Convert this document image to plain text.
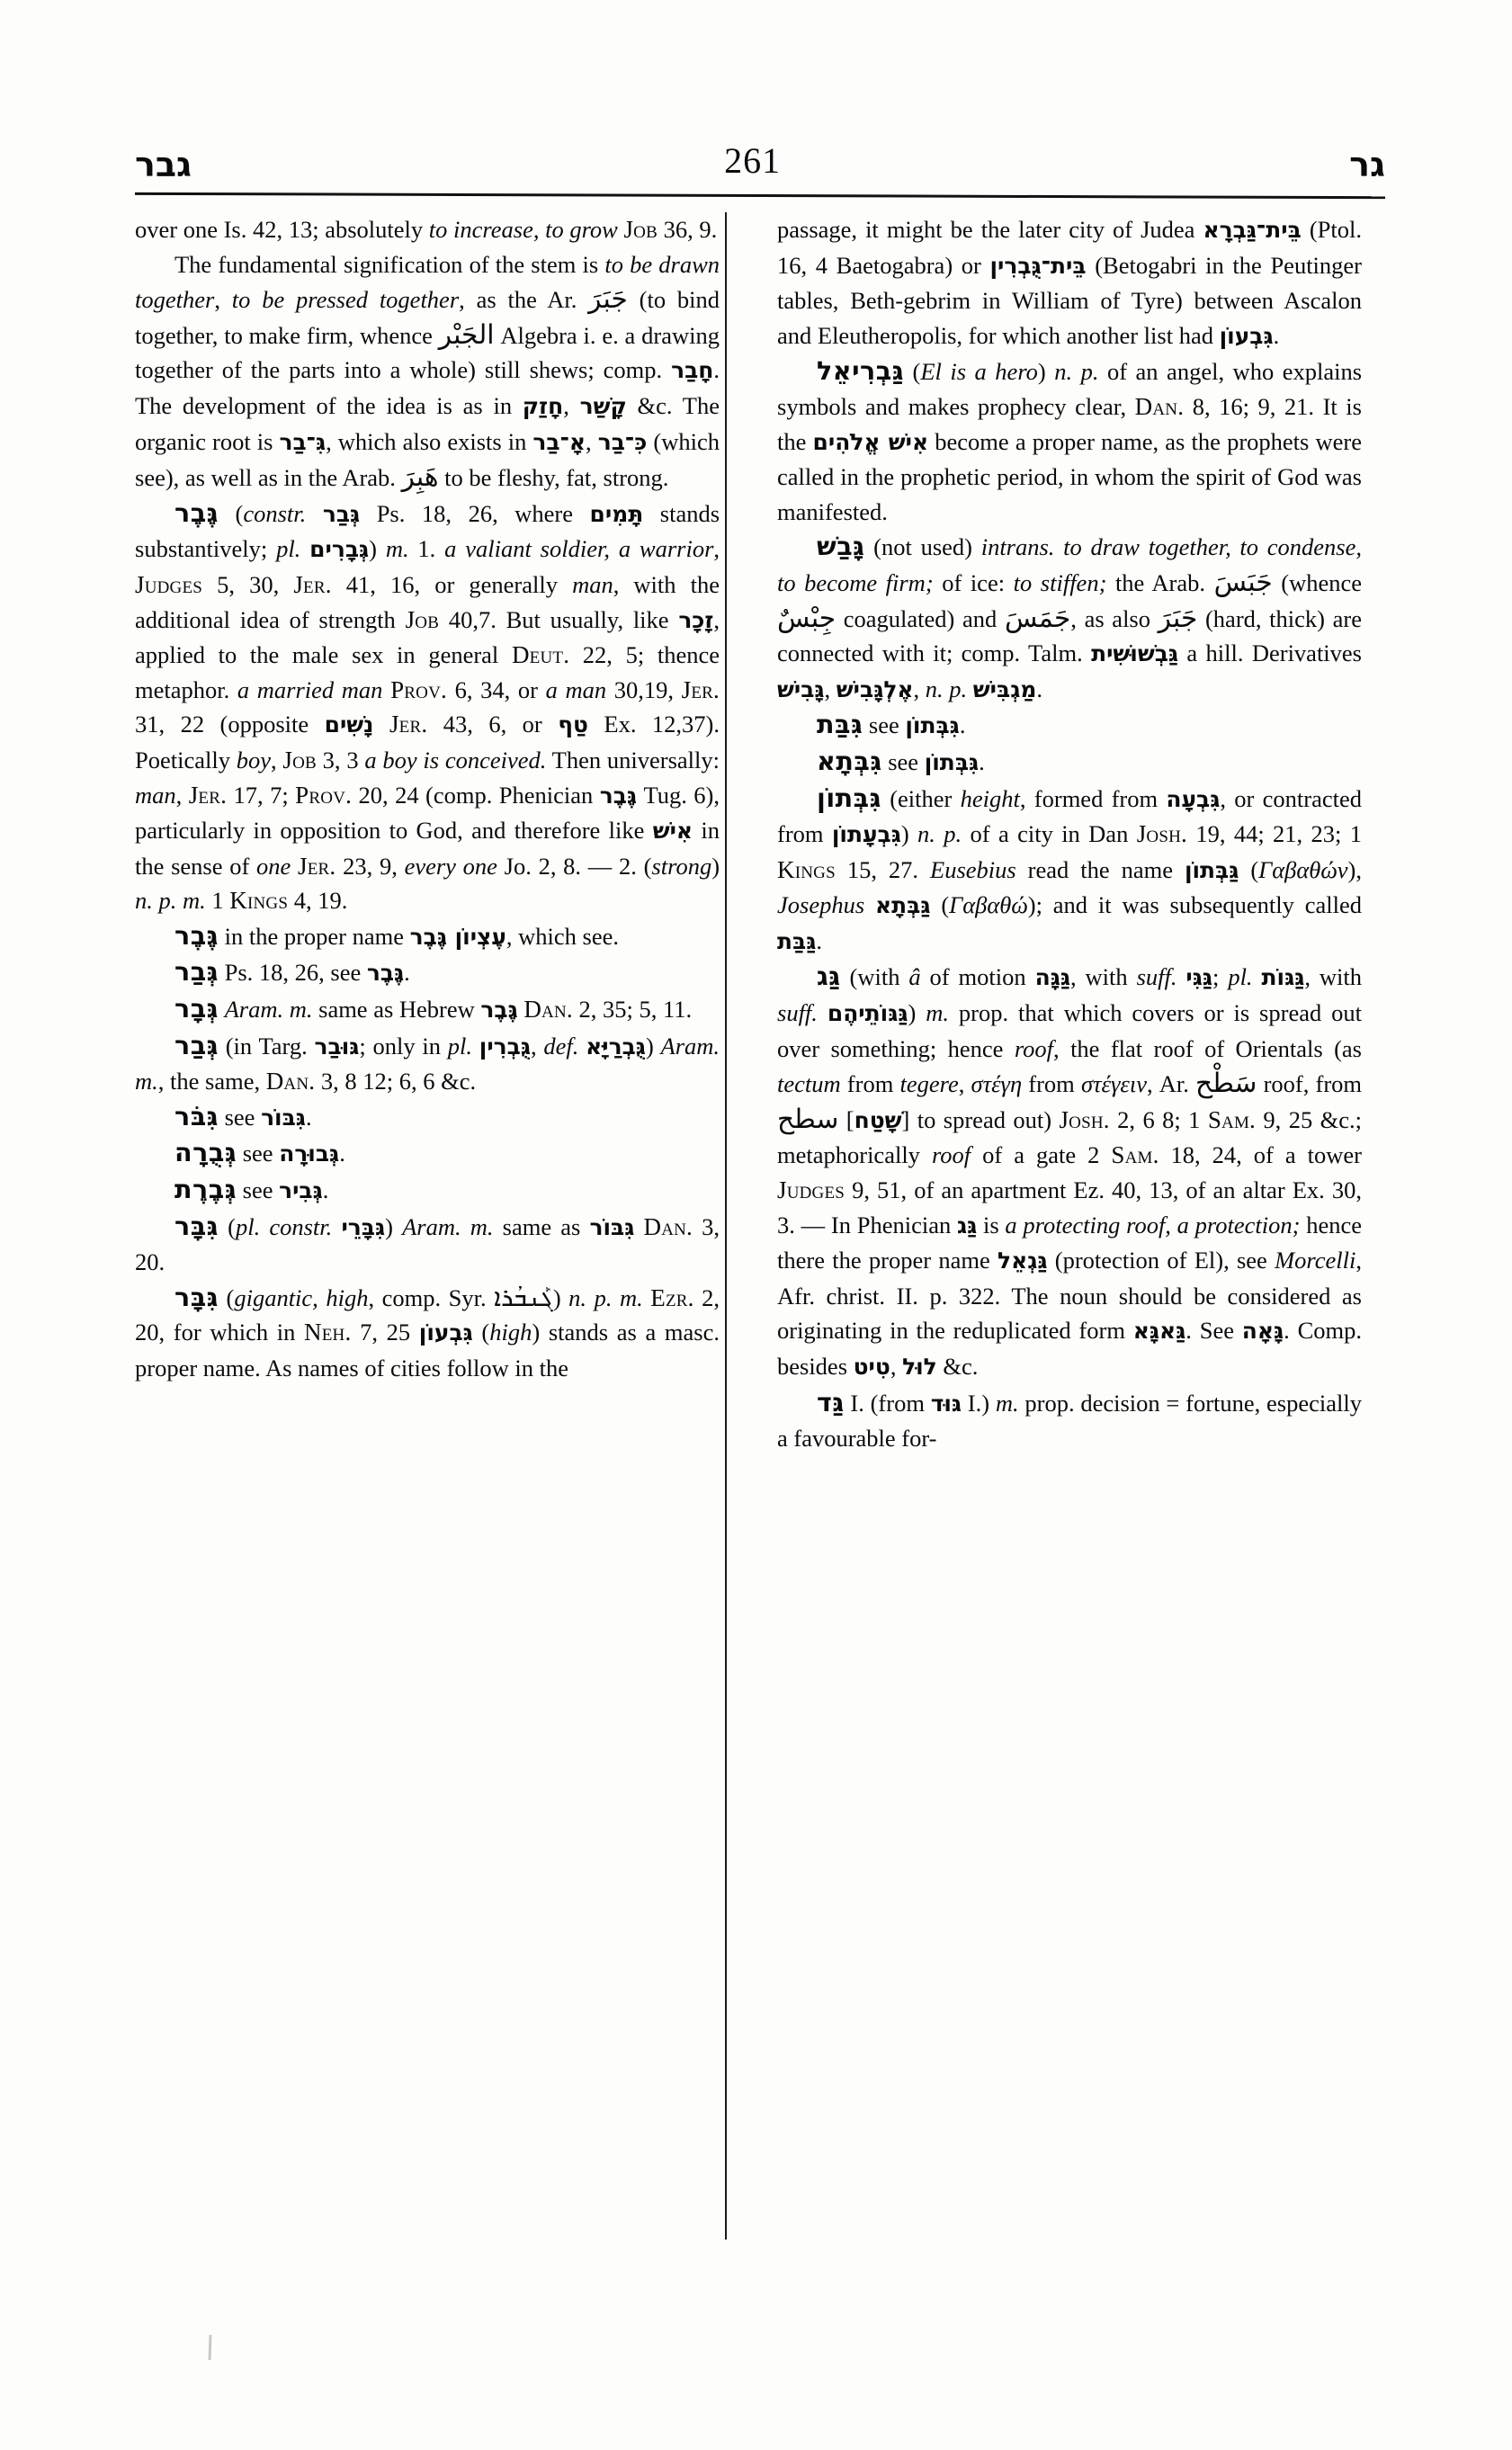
גבר	261	גר

over one Is. 42, 13; absolutely to increase, to grow Job 36, 9.

The fundamental signification of the stem is to be drawn together, to be pressed together, as the Ar. جَبَرَ (to bind together, to make firm, whence الجَبْر Algebra i. e. a drawing together of the parts into a whole) still shews; comp. חָבַר. The development of the idea is as in חָזַק, קָשַׁר &c. The organic root is גִּ־בַר, which also exists in אָ־בַר, כִּ־בַר (which see), as well as in the Arab. هَبِرَ to be fleshy, fat, strong.

גֶּבֶר (constr. גְּבַר Ps. 18, 26, where תָּמִים stands substantively; pl. גְּבָרִים) m. 1. a valiant soldier, a warrior, Judges 5, 30, Jer. 41, 16, or generally man, with the additional idea of strength Job 40,7. But usually, like זָכָר, applied to the male sex in general Deut. 22, 5; thence metaphor. a married man Prov. 6, 34, or a man 30,19, Jer. 31, 22 (opposite נָשִׁים Jer. 43, 6, or טַף Ex. 12,37). Poetically boy, Job 3, 3 a boy is conceived. Then universally: man, Jer. 17, 7; Prov. 20, 24 (comp. Phenician גֶּבֶר Tug. 6), particularly in opposition to God, and therefore like אִישׁ in the sense of one Jer. 23, 9, every one Jo. 2, 8. — 2. (strong) n. p. m. 1 Kings 4, 19.

גֶּבֶר in the proper name עֶצְיוֹן גֶּבֶר, which see.

גְּבַר Ps. 18, 26, see גֶּבֶר.

גְּבָר Aram. m. same as Hebrew גֶּבֶר Dan. 2, 35; 5, 11.

גְּבַר (in Targ. גּוּבַר; only in pl. גֻּבְרִין, def. גֻּבְרַיָּא) Aram. m., the same, Dan. 3, 8 12; 6, 6 &c.

גִּבֹּר see גִּבּוֹר.

גְּבֻרָה see גְּבוּרָה.

גְּבֶרֶת see גְּבִיר.

גִּבָּר (pl. constr. גִּבָּרֵי) Aram. m. same as גִּבּוֹר Dan. 3, 20.

גִּבָּר (gigantic, high, comp. Syr. ܓܰܢܒܳܪܐ) n. p. m. Ezr. 2, 20, for which in Neh. 7, 25 גִּבְעוֹן (high) stands as a masc. proper name. As names of cities follow in the

passage, it might be the later city of Judea בֵּית־גַּבְרָא (Ptol. 16, 4 Baetogabra) or בֵּית־גֻּבְרִין (Betogabri in the Peutinger tables, Beth-gebrim in William of Tyre) between Ascalon and Eleutheropolis, for which another list had גִּבְעוֹן.

גַּבְרִיאֵל (El is a hero) n. p. of an angel, who explains symbols and makes prophecy clear, Dan. 8, 16; 9, 21. It is the אִישׁ אֱלֹהִים become a proper name, as the prophets were called in the prophetic period, in whom the spirit of God was manifested.

גָּבַשׁ (not used) intrans. to draw together, to condense, to become firm; of ice: to stiffen; the Arab. جَبَسَ (whence جِبْسٌ coagulated) and جَمَسَ, as also جَبَرَ (hard, thick) are connected with it; comp. Talm. גַּבְשׁוּשִׁית a hill. Derivatives גָּבִישׁ, אֶלְגָּבִישׁ, n. p. מַגְבִּישׁ.

גִּבַּת see גִּבְּתוֹן.

גִּבְּתָא see גִּבְּתוֹן.

גִּבְּתוֹן (either height, formed from גִּבְעָה, or contracted from גִּבְעָתוֹן) n. p. of a city in Dan Josh. 19, 44; 21, 23; 1 Kings 15, 27. Eusebius read the name גַּבְּתוֹן (Γαβαθών), Josephus גַּבְּתָא (Γαβαθώ); and it was subsequently called גַּבַּת.

גַּג (with â of motion גַּגָּה, with suff. גַּגִּי; pl. גַּגּוֹת, with suff. גַּגּוֹתֵיהֶם) m. prop. that which covers or is spread out over something; hence roof, the flat roof of Orientals (as tectum from tegere, στέγη from στέγειν, Ar. سَطْح roof, from سطح [שָׁטַח] to spread out) Josh. 2, 6 8; 1 Sam. 9, 25 &c.; metaphorically roof of a gate 2 Sam. 18, 24, of a tower Judges 9, 51, of an apartment Ez. 40, 13, of an altar Ex. 30, 3. — In Phenician גַּג is a protecting roof, a protection; hence there the proper name גַּגְאֵל (protection of El), see Morcelli, Afr. christ. II. p. 322. The noun should be considered as originating in the reduplicated form גַּאגָּא. See גָּאָה. Comp. besides טִיט, לוּל &c.

גַּד I. (from גּוּד I.) m. prop. decision = fortune, especially a favourable for-
